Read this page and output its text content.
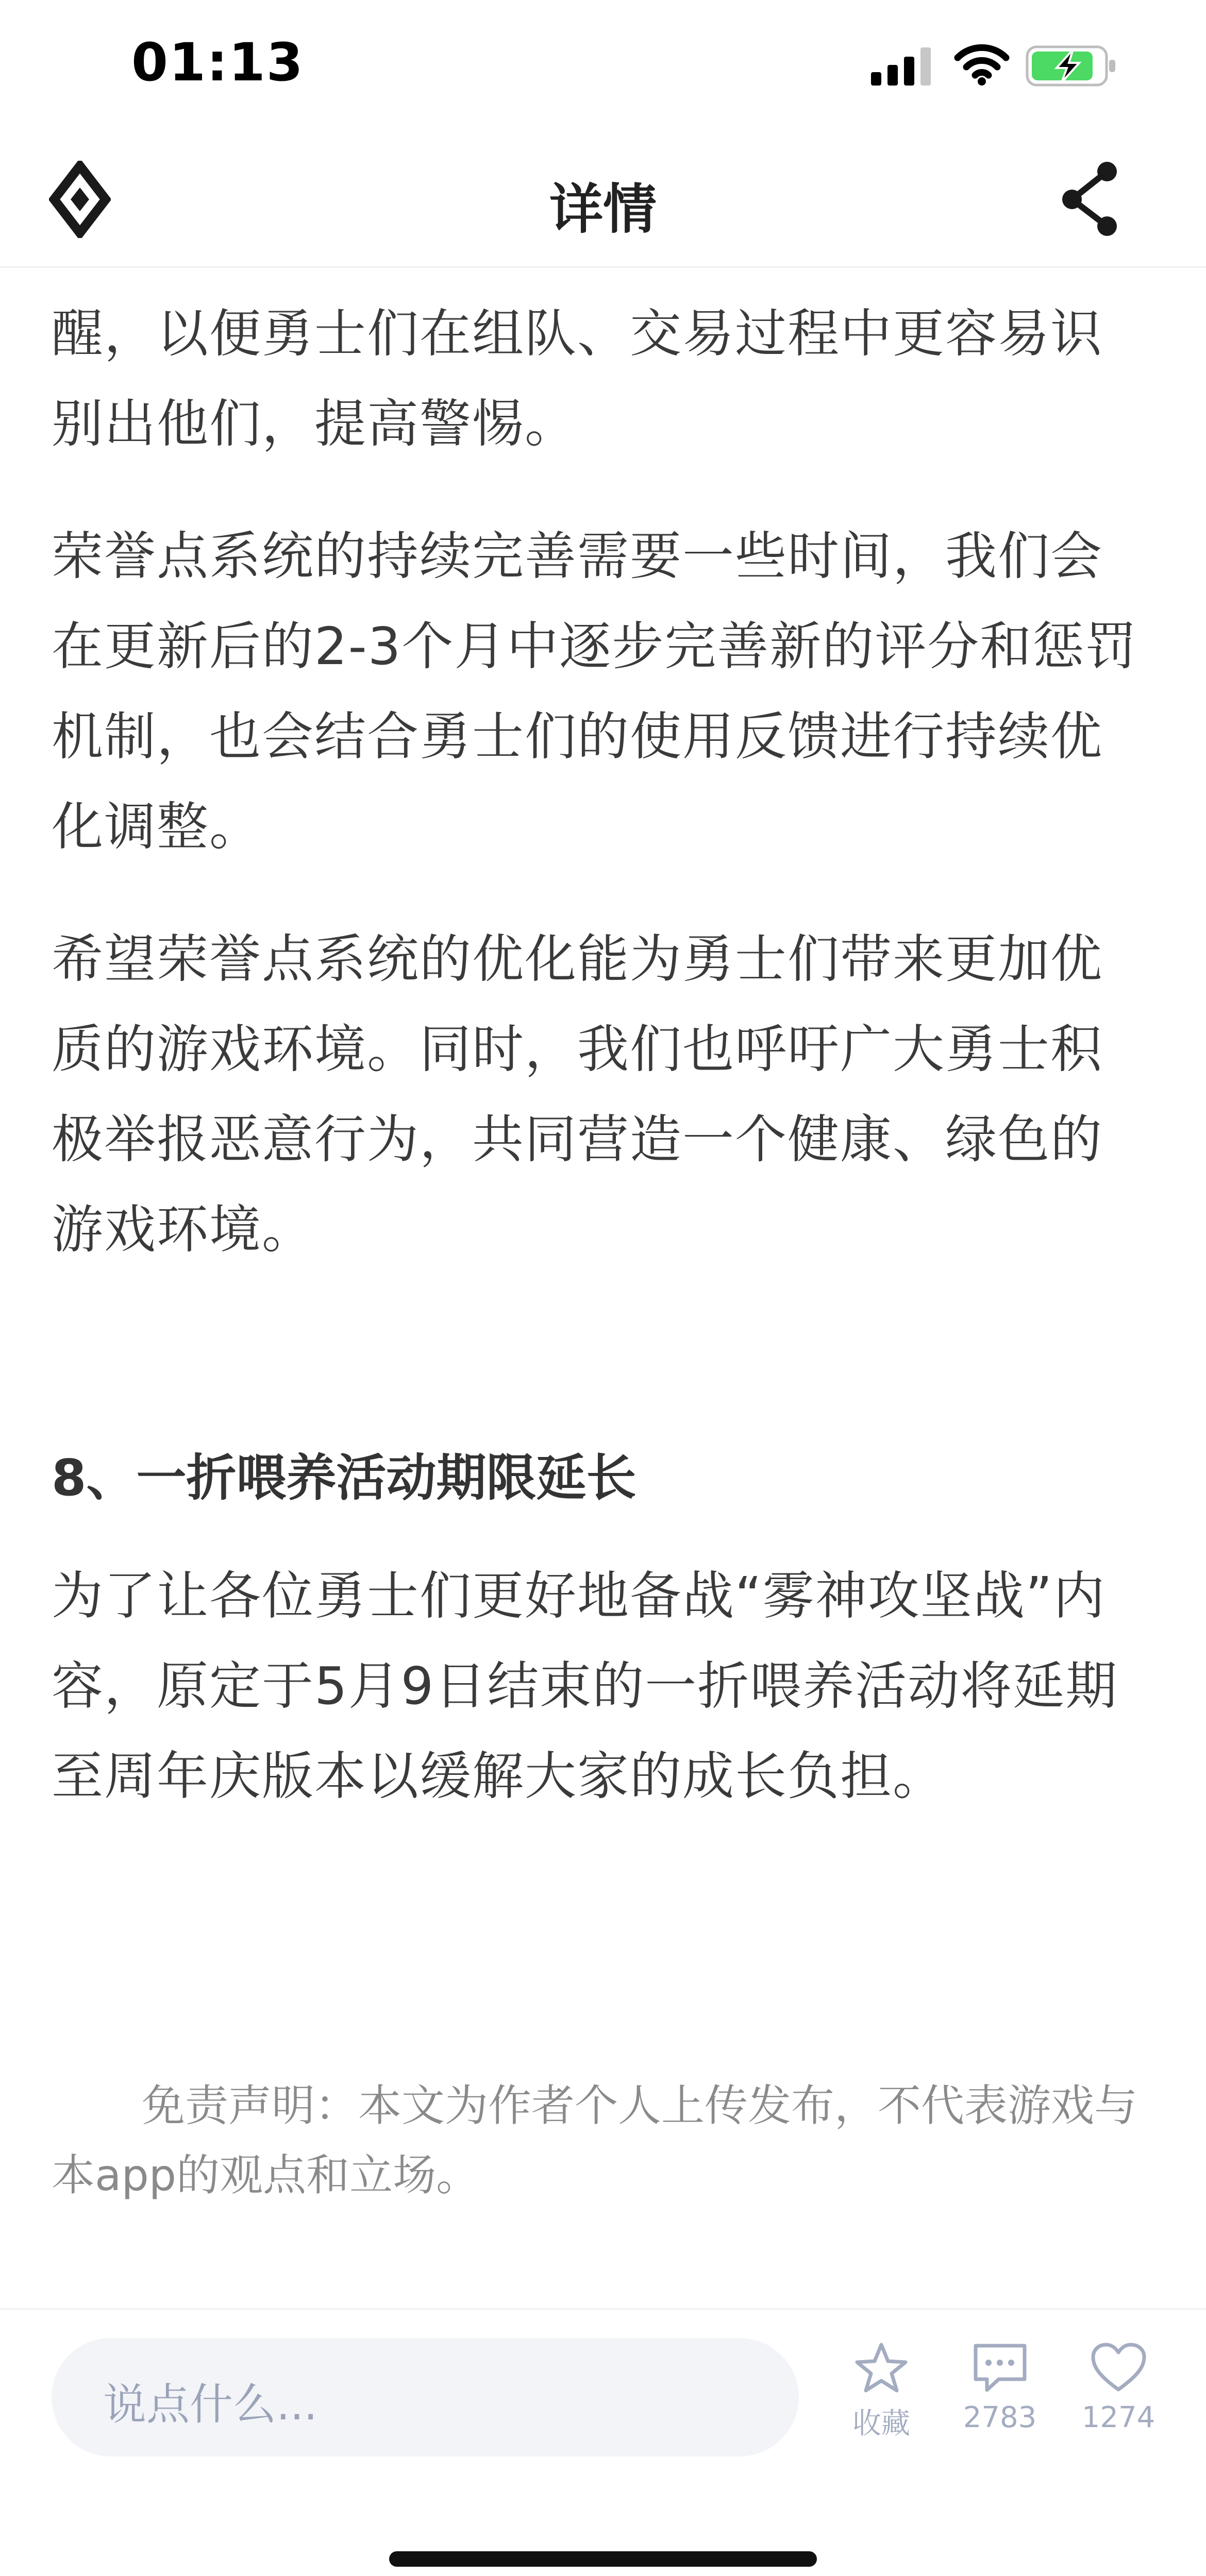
01:13
详情

醒，以便勇士们在组队、交易过程中更容易识别出他们，提高警惕。

荣誉点系统的持续完善需要一些时间，我们会在更新后的2-3个月中逐步完善新的评分和惩罚机制，也会结合勇士们的使用反馈进行持续优化调整。

希望荣誉点系统的优化能为勇士们带来更加优质的游戏环境。同时，我们也呼吁广大勇士积极举报恶意行为，共同营造一个健康、绿色的游戏环境。

8、一折喂养活动期限延长

为了让各位勇士们更好地备战“雾神攻坚战”内容，原定于5月9日结束的一折喂养活动将延期至周年庆版本以缓解大家的成长负担。

免责声明：本文为作者个人上传发布，不代表游戏与本app的观点和立场。

说点什么...	收藏	2783	1274
